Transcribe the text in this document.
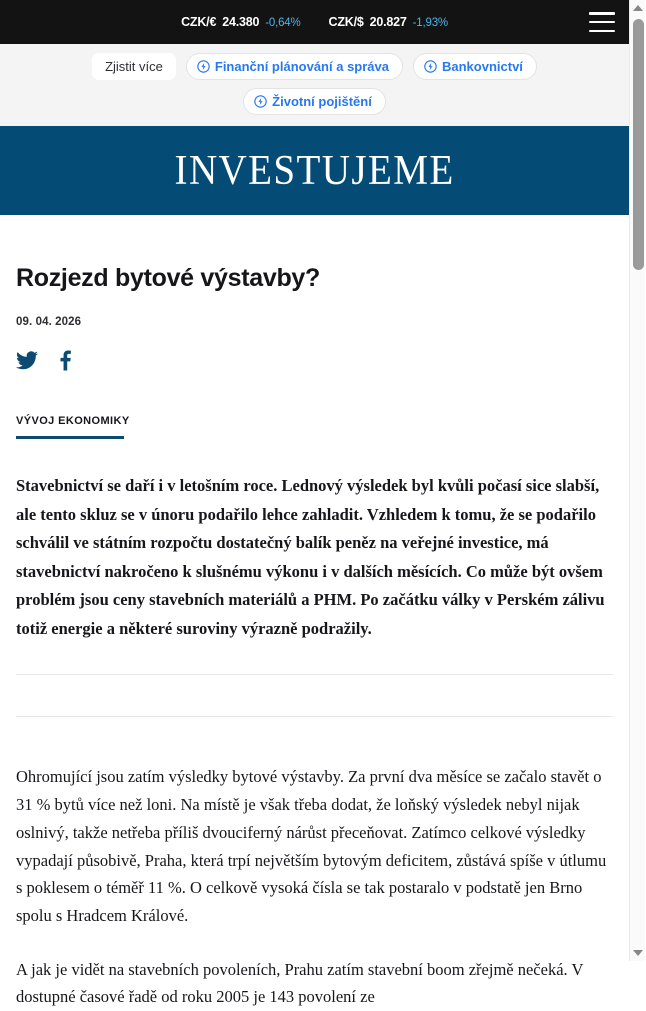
CZK/€ 24.380 -0,64% CZK/$ 20.827 -1,93%
Zjistit více	Finanční plánování a správa	Bankovnictví
Životní pojištění
INVESTUJEME
Rozjezd bytové výstavby?
09. 04. 2026
VÝVOJ EKONOMIKY

Stavebnictví se daří i v letošním roce. Lednový výsledek byl kvůli počasí sice slabší, ale tento skluz se v únoru podařilo lehce zahladit. Vzhledem k tomu, že se podařilo schválil ve státním rozpočtu dostatečný balík peněz na veřejné investice, má stavebnictví nakročeno k slušnému výkonu i v dalších měsících. Co může být ovšem problém jsou ceny stavebních materiálů a PHM. Po začátku války v Perském zálivu totiž energie a některé suroviny výrazně podražily.

Ohromující jsou zatím výsledky bytové výstavby. Za první dva měsíce se začalo stavět o 31 % bytů více než loni. Na místě je však třeba dodat, že loňský výsledek nebyl nijak oslnivý, takže netřeba příliš dvouciferný nárůst přeceňovat. Zatímco celkové výsledky vypadají působivě, Praha, která trpí největším bytovým deficitem, zůstává spíše v útlumu s poklesem o téměř 11 %. O celkově vysoká čísla se tak postaralo v podstatě jen Brno spolu s Hradcem Králové.

A jak je vidět na stavebních povoleních, Prahu zatím stavební boom zřejmě nečeká. V dostupné časové řadě od roku 2005 je 143 povolení ze
